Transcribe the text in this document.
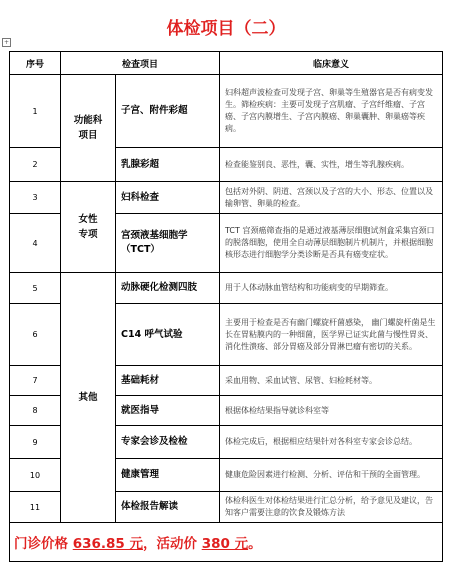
体检项目（二）
+
序号	检查项目		临床意义
1	功能科项目	子宫、附件彩超	妇科超声波检查可发现子宫、卵巢等生殖器官是否有病变发生。筛检疾病：主要可发现子宫肌瘤、子宫纤维瘤、子宫癌、子宫内膜增生、子宫内膜癌、卵巢囊肿、卵巢癌等疾病。
2		乳腺彩超	检查能鉴别良、恶性，囊、实性，增生等乳腺疾病。
3	女性专项	妇科检查	包括对外阴、阴道、宫颈以及子宫的大小、形态、位置以及输卵管、卵巢的检查。
4		宫颈液基细胞学（TCT）	TCT 宫颈癌筛查指的是通过液基薄层细胞试剂盒采集宫颈口的脱落细胞，使用全自动薄层细胞制片机制片，并根据细胞核形态进行细胞学分类诊断是否具有癌变症状。
5	其他	动脉硬化检测四肢	用于人体动脉血管结构和功能病变的早期筛查。
6		C14 呼气试验	主要用于检查是否有幽门螺旋杆菌感染， 幽门螺旋杆菌是生长在胃粘膜内的一种细菌，医学界已证实此菌与慢性胃炎、消化性溃疡、部分胃癌及部分胃淋巴瘤有密切的关系。
7		基础耗材	采血用物、采血试管、尿管、妇检耗材等。
8		就医指导	根据体检结果指导就诊科室等
9		专家会诊及检检	体检完成后，根据相应结果针对各科室专家会诊总结。
10		健康管理	健康危险因素进行检测、分析、评估和干预的全面管理。
11		体检报告解读	体检科医生对体检结果进行汇总分析，给予意见及建议，告知客户需要注意的饮食及锻炼方法
门诊价格 636.85 元，活动价 380 元。			
